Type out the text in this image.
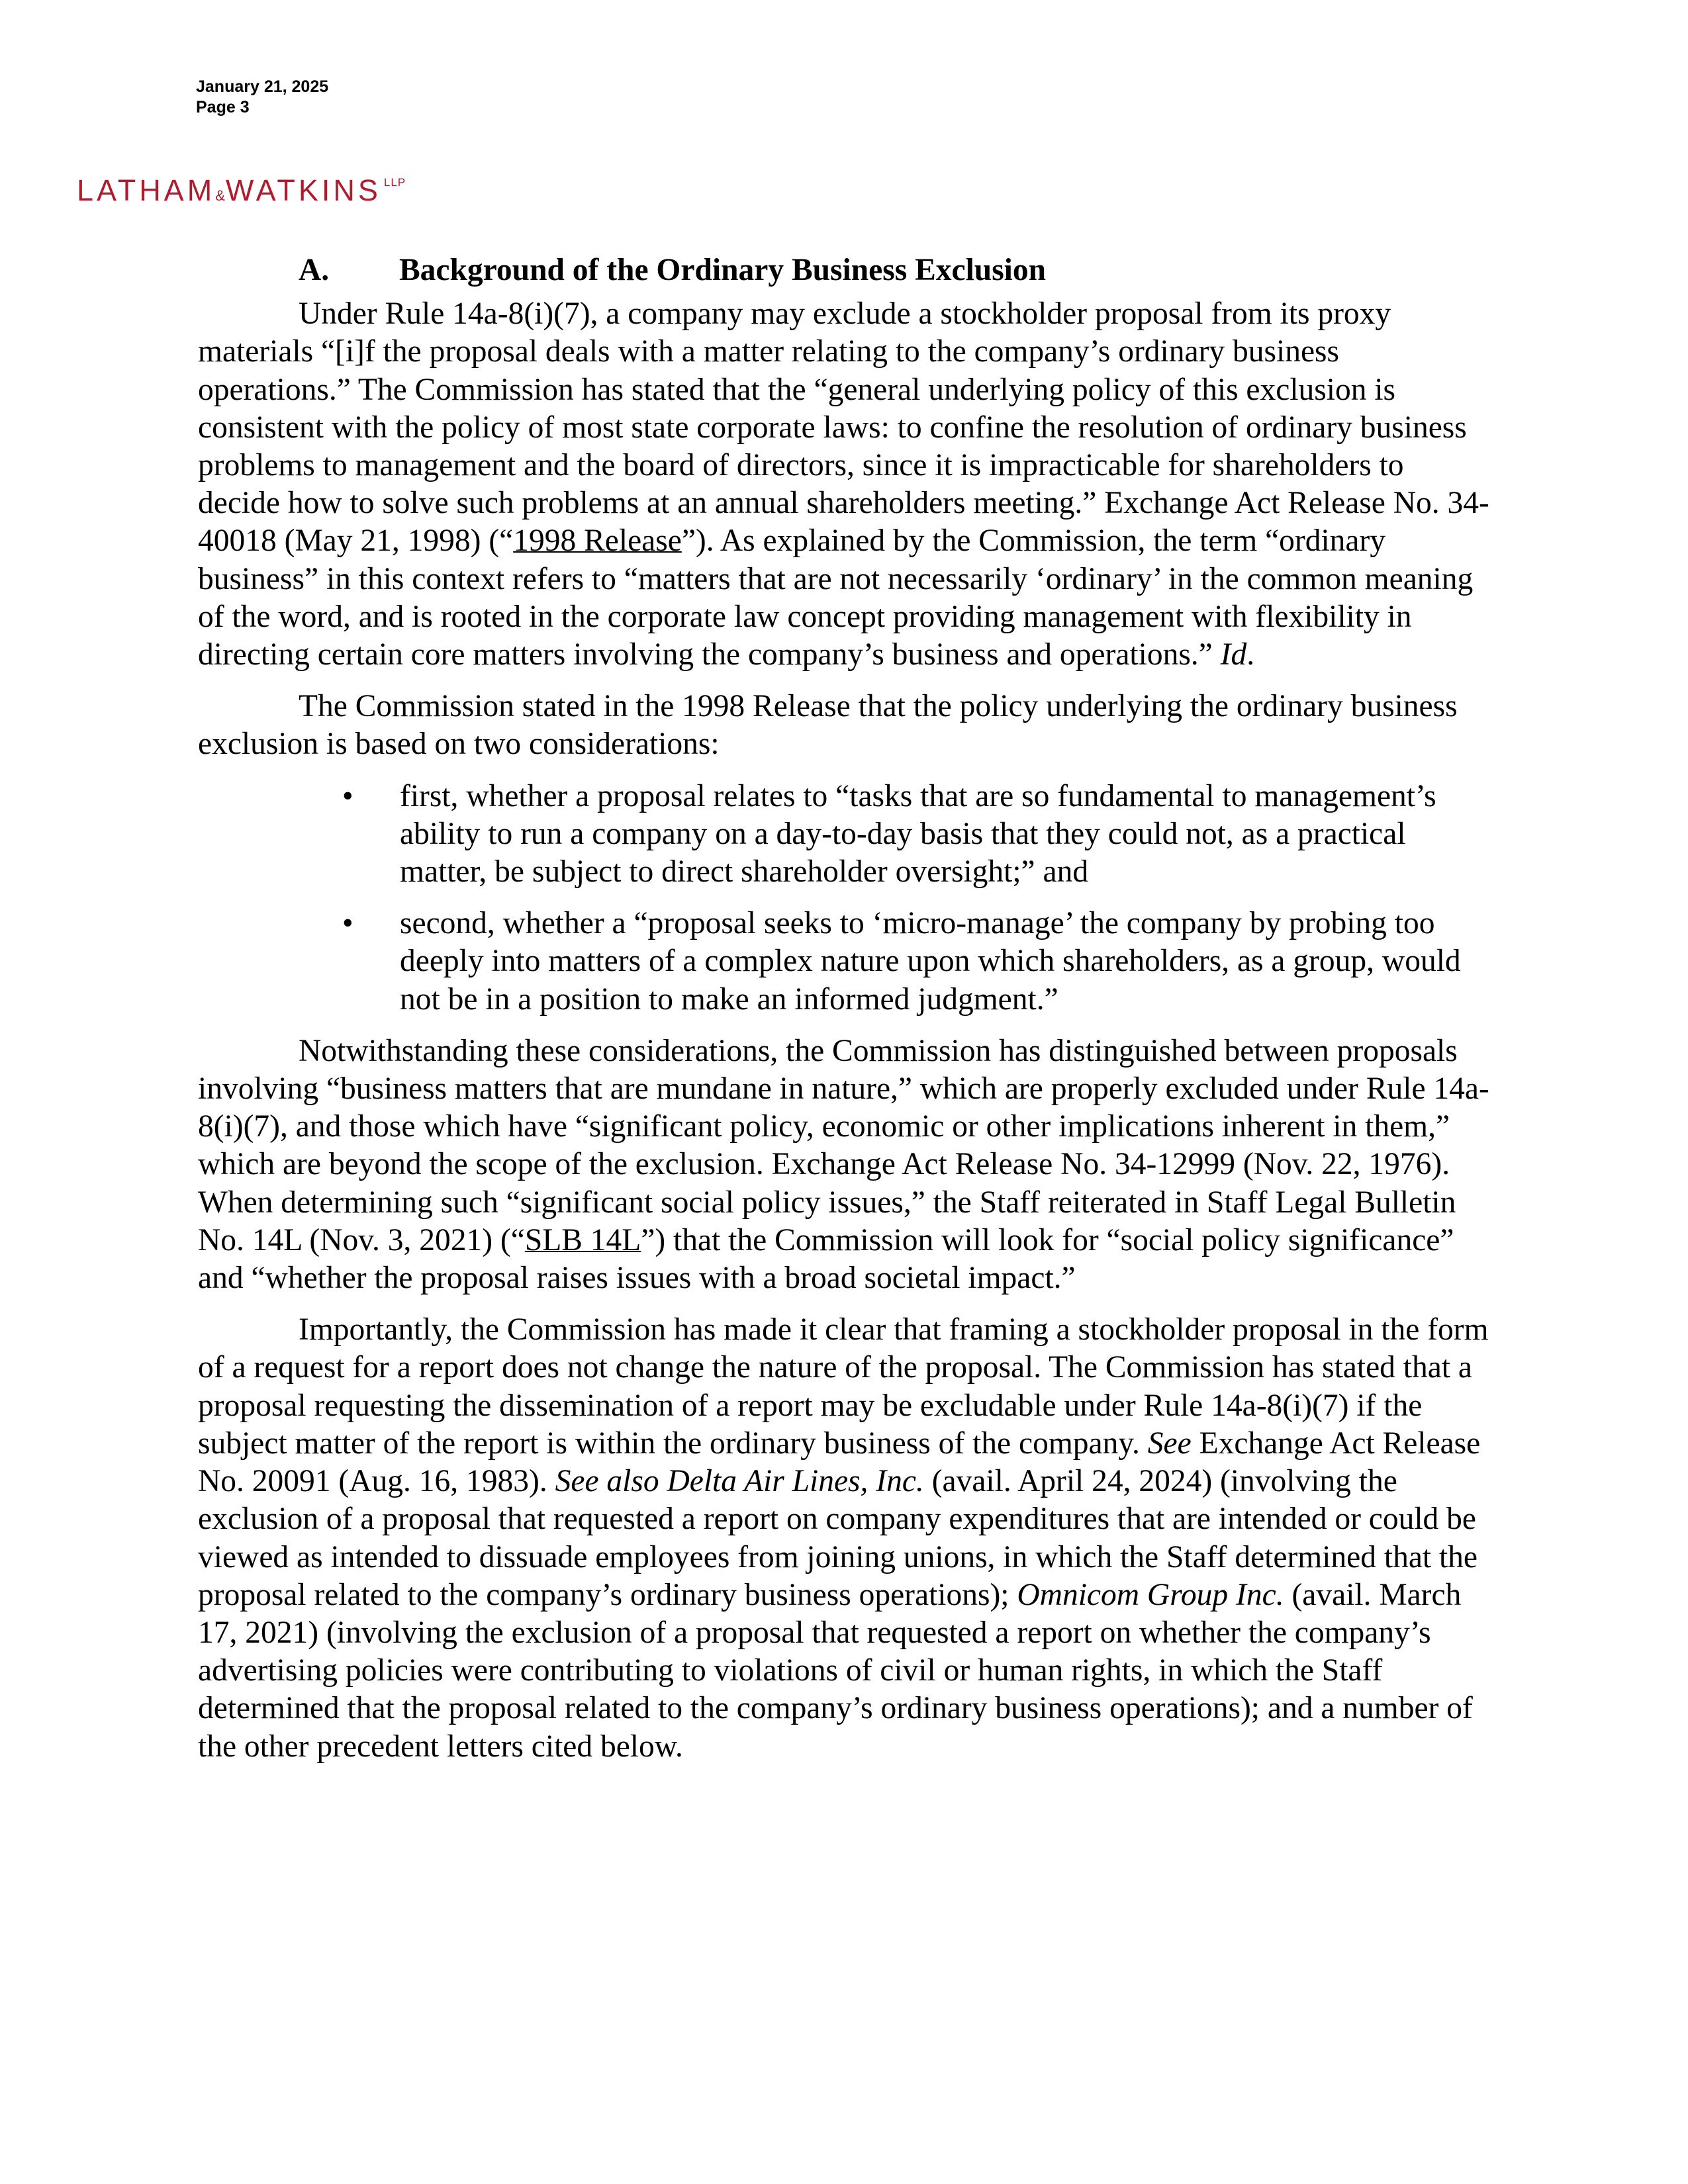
January 21, 2025
Page 3
LATHAM&WATKINS LLP
A. Background of the Ordinary Business Exclusion

Under Rule 14a-8(i)(7), a company may exclude a stockholder proposal from its proxy materials “[i]f the proposal deals with a matter relating to the company’s ordinary business operations.” The Commission has stated that the “general underlying policy of this exclusion is consistent with the policy of most state corporate laws: to confine the resolution of ordinary business problems to management and the board of directors, since it is impracticable for shareholders to decide how to solve such problems at an annual shareholders meeting.” Exchange Act Release No. 34-40018 (May 21, 1998) (“1998 Release”). As explained by the Commission, the term “ordinary business” in this context refers to “matters that are not necessarily ‘ordinary’ in the common meaning of the word, and is rooted in the corporate law concept providing management with flexibility in directing certain core matters involving the company’s business and operations.” Id.

The Commission stated in the 1998 Release that the policy underlying the ordinary business exclusion is based on two considerations:

• first, whether a proposal relates to “tasks that are so fundamental to management’s ability to run a company on a day-to-day basis that they could not, as a practical matter, be subject to direct shareholder oversight;” and
• second, whether a “proposal seeks to ‘micro-manage’ the company by probing too deeply into matters of a complex nature upon which shareholders, as a group, would not be in a position to make an informed judgment.”

Notwithstanding these considerations, the Commission has distinguished between proposals involving “business matters that are mundane in nature,” which are properly excluded under Rule 14a-8(i)(7), and those which have “significant policy, economic or other implications inherent in them,” which are beyond the scope of the exclusion. Exchange Act Release No. 34-12999 (Nov. 22, 1976). When determining such “significant social policy issues,” the Staff reiterated in Staff Legal Bulletin No. 14L (Nov. 3, 2021) (“SLB 14L”) that the Commission will look for “social policy significance” and “whether the proposal raises issues with a broad societal impact.”

Importantly, the Commission has made it clear that framing a stockholder proposal in the form of a request for a report does not change the nature of the proposal. The Commission has stated that a proposal requesting the dissemination of a report may be excludable under Rule 14a-8(i)(7) if the subject matter of the report is within the ordinary business of the company. See Exchange Act Release No. 20091 (Aug. 16, 1983). See also Delta Air Lines, Inc. (avail. April 24, 2024) (involving the exclusion of a proposal that requested a report on company expenditures that are intended or could be viewed as intended to dissuade employees from joining unions, in which the Staff determined that the proposal related to the company’s ordinary business operations); Omnicom Group Inc. (avail. March 17, 2021) (involving the exclusion of a proposal that requested a report on whether the company’s advertising policies were contributing to violations of civil or human rights, in which the Staff determined that the proposal related to the company’s ordinary business operations); and a number of the other precedent letters cited below.
